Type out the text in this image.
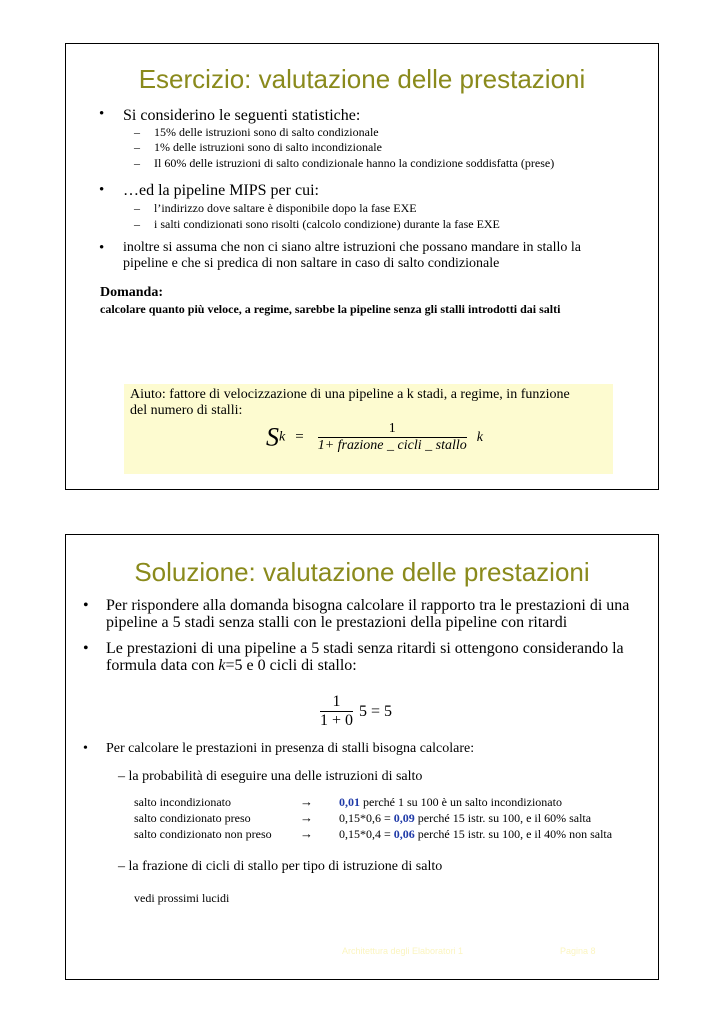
Esercizio: valutazione delle prestazioni
• Si considerino le seguenti statistiche:
– 15% delle istruzioni sono di salto condizionale
– 1% delle istruzioni sono di salto incondizionale
– Il 60% delle istruzioni di salto condizionale hanno la condizione soddisfatta (prese)
• …ed la pipeline MIPS per cui:
– l’indirizzo dove saltare è disponibile dopo la fase EXE
– i salti condizionati sono risolti (calcolo condizione) durante la fase EXE
• inoltre si assuma che non ci siano altre istruzioni che possano mandare in stallo la
pipeline e che si predica di non saltare in caso di salto condizionale
Domanda:
calcolare quanto più veloce, a regime, sarebbe la pipeline senza gli stalli introdotti dai salti
Aiuto: fattore di velocizzazione di una pipeline a k stadi, a regime, in funzione
del numero di stalli:
$Sk = \frac{1}{\text{1+ frazione \_ cicli \_ stallo}}$ k
Soluzione: valutazione delle prestazioni
• Per rispondere alla domanda bisogna calcolare il rapporto tra le prestazioni di una
pipeline a 5 stadi senza stalli con le prestazioni della pipeline con ritardi
• Le prestazioni di una pipeline a 5 stadi senza ritardi si ottengono considerando la
formula data con k=5 e 0 cicli di stallo:
$\frac{1}{1 + 0} 5 = 5$
• Per calcolare le prestazioni in presenza di stalli bisogna calcolare:
– la probabilità di eseguire una delle istruzioni di salto
salto incondizionato	→ 0,01 perché 1 su 100 è un salto incondizionato
salto condizionato preso	→ 0,15*0,6 = 0,09 perché 15 istr. su 100, e il 60% salta
salto condizionato non preso → 0,15*0,4 = 0,06 perché 15 istr. su 100, e il 40% non salta
– la frazione di cicli di stallo per tipo di istruzione di salto
vedi prossimi lucidi
Architettura degli Elaboratori 1	Pagina 8
